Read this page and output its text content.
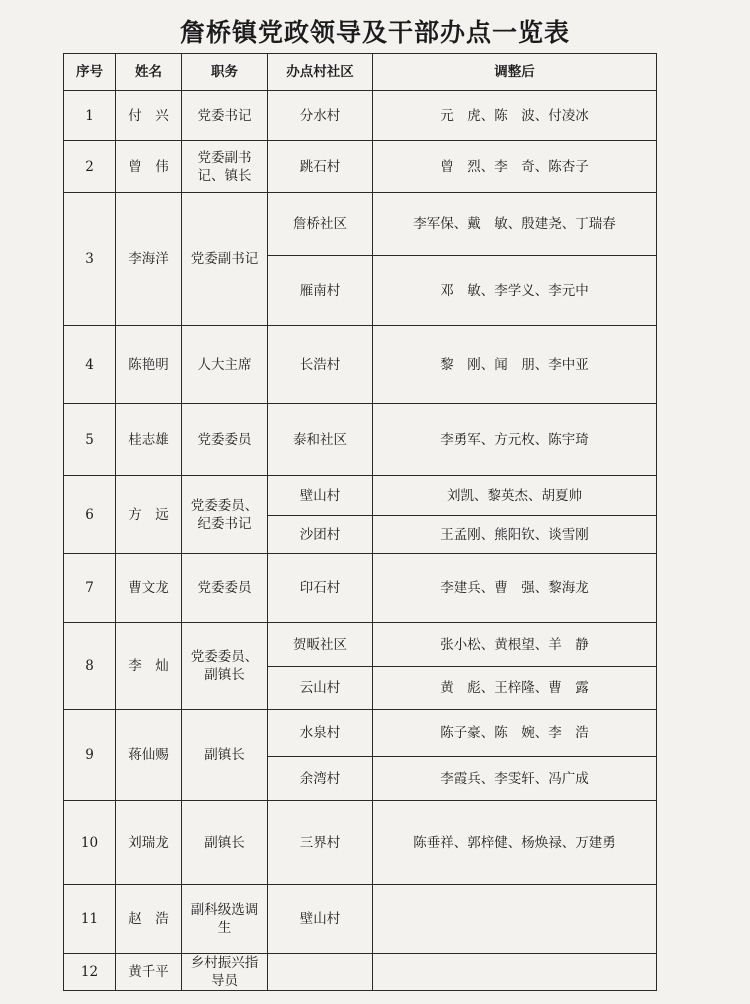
詹桥镇党政领导及干部办点一览表
序号	姓名	职务	办点村社区	调整后
1	付　兴	党委书记	分水村	元　虎、陈　波、付凌冰
2	曾　伟	党委副书记、镇长	跳石村	曾　烈、李　奇、陈杏子
3	李海洋	党委副书记	詹桥社区	李军保、戴　敏、殷建尧、丁瑞春
			雁南村	邓　敏、李学义、李元中
4	陈艳明	人大主席	长浩村	黎　刚、闻　朋、李中亚
5	桂志雄	党委委员	泰和社区	李勇军、方元枚、陈宇琦
6	方　远	党委委员、纪委书记	壁山村	刘凯、黎英杰、胡夏帅
			沙团村	王孟刚、熊阳钦、谈雪刚
7	曹文龙	党委委员	印石村	李建兵、曹　强、黎海龙
8	李　灿	党委委员、副镇长	贺畈社区	张小松、黄根望、羊　静
			云山村	黄　彪、王梓隆、曹　露
9	蒋仙赐	副镇长	水泉村	陈子豪、陈　婉、李　浩
			余湾村	李霞兵、李雯轩、冯广成
10	刘瑞龙	副镇长	三界村	陈垂祥、郭梓健、杨焕禄、万建勇
11	赵　浩	副科级选调生	壁山村	
12	黄千平	乡村振兴指导员		
